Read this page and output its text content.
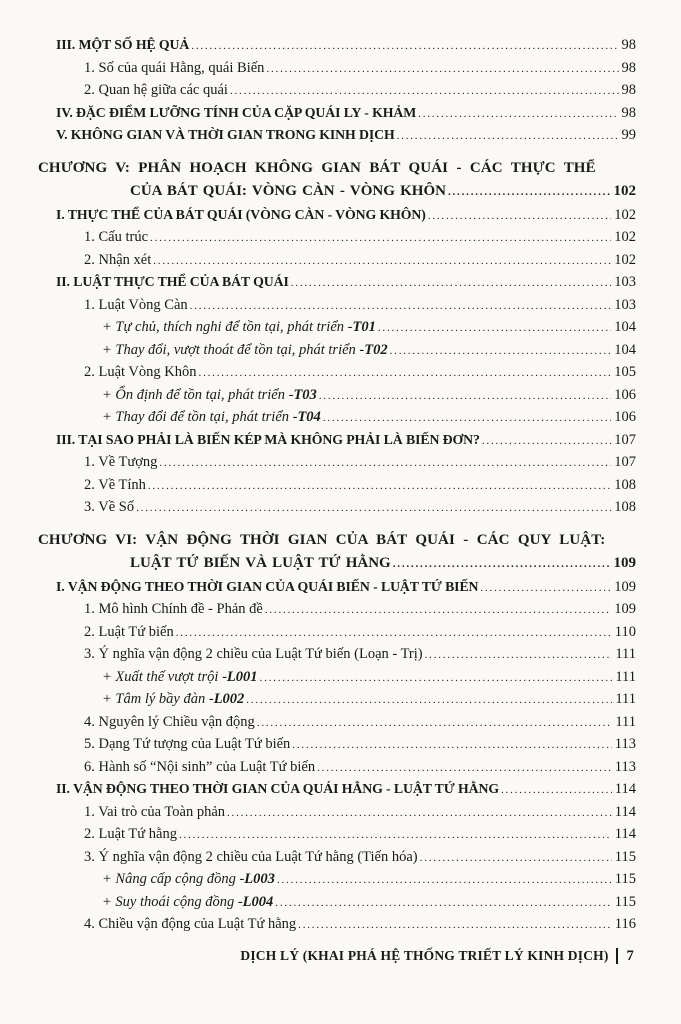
III. MỘT SỐ HỆ QUẢ .....	98
1. Số của quái Hằng, quái Biến .....	98
2. Quan hệ giữa các quái .....	98
IV. ĐẶC ĐIỂM LƯỠNG TÍNH CỦA CẶP QUÁI LY - KHẢM .....	98
V. KHÔNG GIAN VÀ THỜI GIAN TRONG KINH DỊCH .....	99
CHƯƠNG V: PHÂN HOẠCH KHÔNG GIAN BÁT QUÁI - CÁC THỰC THỂ
CỦA BÁT QUÁI: VÒNG CÀN - VÒNG KHÔN .....	102
I. THỰC THỂ CỦA BÁT QUÁI (VÒNG CÀN - VÒNG KHÔN) .....	102
1. Cấu trúc .....	102
2. Nhận xét .....	102
II. LUẬT THỰC THỂ CỦA BÁT QUÁI .....	103
1. Luật Vòng Càn .....	103
+ Tự chủ, thích nghi để tồn tại, phát triển - T01 .....	104
+ Thay đổi, vượt thoát để tồn tại, phát triển - T02 .....	104
2. Luật Vòng Khôn .....	105
+ Ổn định để tồn tại, phát triển - T03 .....	106
+ Thay đổi để tồn tại, phát triển - T04 .....	106
III. TẠI SAO PHẢI LÀ BIẾN KÉP MÀ KHÔNG PHẢI LÀ BIẾN ĐƠN? .....	107
1. Về Tượng .....	107
2. Về Tính .....	108
3. Về Số .....	108
CHƯƠNG VI: VẬN ĐỘNG THỜI GIAN CỦA BÁT QUÁI - CÁC QUY LUẬT:
LUẬT TỨ BIẾN VÀ LUẬT TỨ HẰNG .....	109
I. VẬN ĐỘNG THEO THỜI GIAN CỦA QUÁI BIẾN - LUẬT TỨ BIẾN .....	109
1. Mô hình Chính đề - Phản đề .....	109
2. Luật Tứ biến .....	110
3. Ý nghĩa vận động 2 chiều của Luật Tứ biến (Loạn - Trị) .....	111
+ Xuất thế vượt trội - L001 .....	111
+ Tâm lý bầy đàn - L002 .....	111
4. Nguyên lý Chiều vận động .....	111
5. Dạng Tứ tượng của Luật Tứ biến .....	113
6. Hành số “Nội sinh” của Luật Tứ biến .....	113
II. VẬN ĐỘNG THEO THỜI GIAN CỦA QUÁI HẰNG - LUẬT TỨ HẰNG .....	114
1. Vai trò của Toàn phản .....	114
2. Luật Tứ hằng .....	114
3. Ý nghĩa vận động 2 chiều của Luật Tứ hằng (Tiến hóa) .....	115
+ Nâng cấp cộng đồng - L003 .....	115
+ Suy thoái cộng đồng - L004 .....	115
4. Chiều vận động của Luật Tứ hằng .....	116
DỊCH LÝ (KHAI PHÁ HỆ THỐNG TRIẾT LÝ KINH DỊCH) 7
